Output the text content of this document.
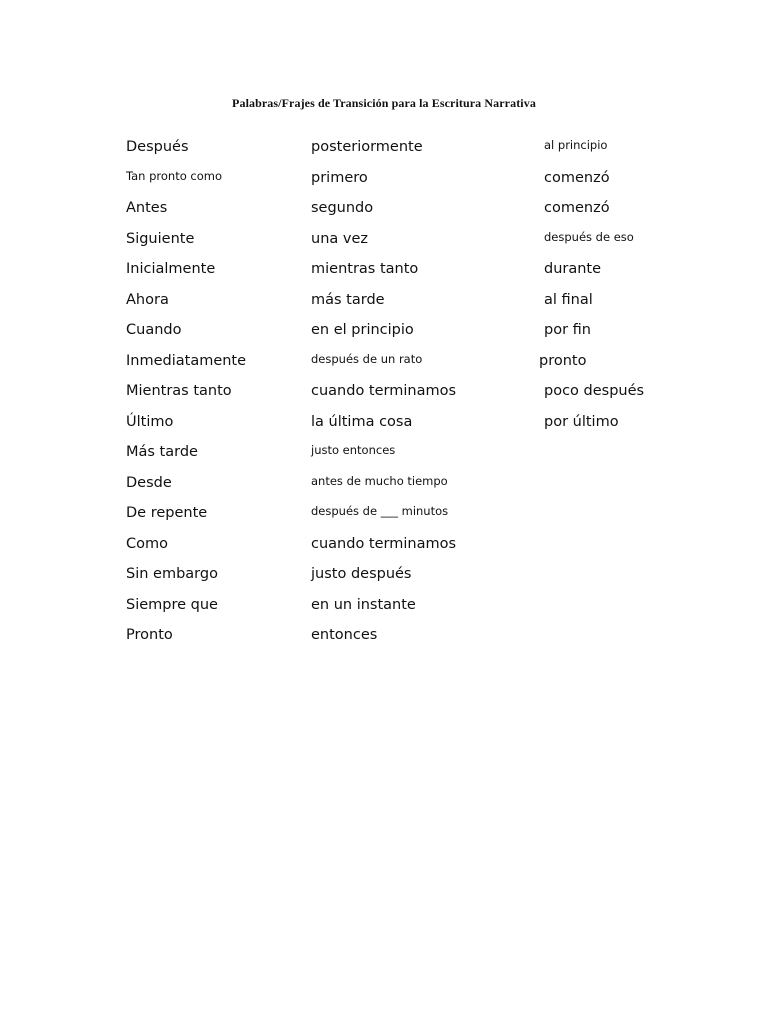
Palabras/Frajes de Transición para la Escritura Narrativa
Después
Tan pronto como
Antes
Siguiente
Inicialmente
Ahora
Cuando
Inmediatamente
Mientras tanto
Último
Más tarde
Desde
De repente
Como
Sin embargo
Siempre que
Pronto
posteriormente
primero
segundo
una vez
mientras tanto
más tarde
en el principio
después de un rato
cuando terminamos
la última cosa
justo entonces
antes de mucho tiempo
después de ___ minutos
cuando terminamos
justo después
en un instante
entonces
al principio
comenzó
comenzó
después de eso
durante
al final
por fin
pronto
poco después
por último
